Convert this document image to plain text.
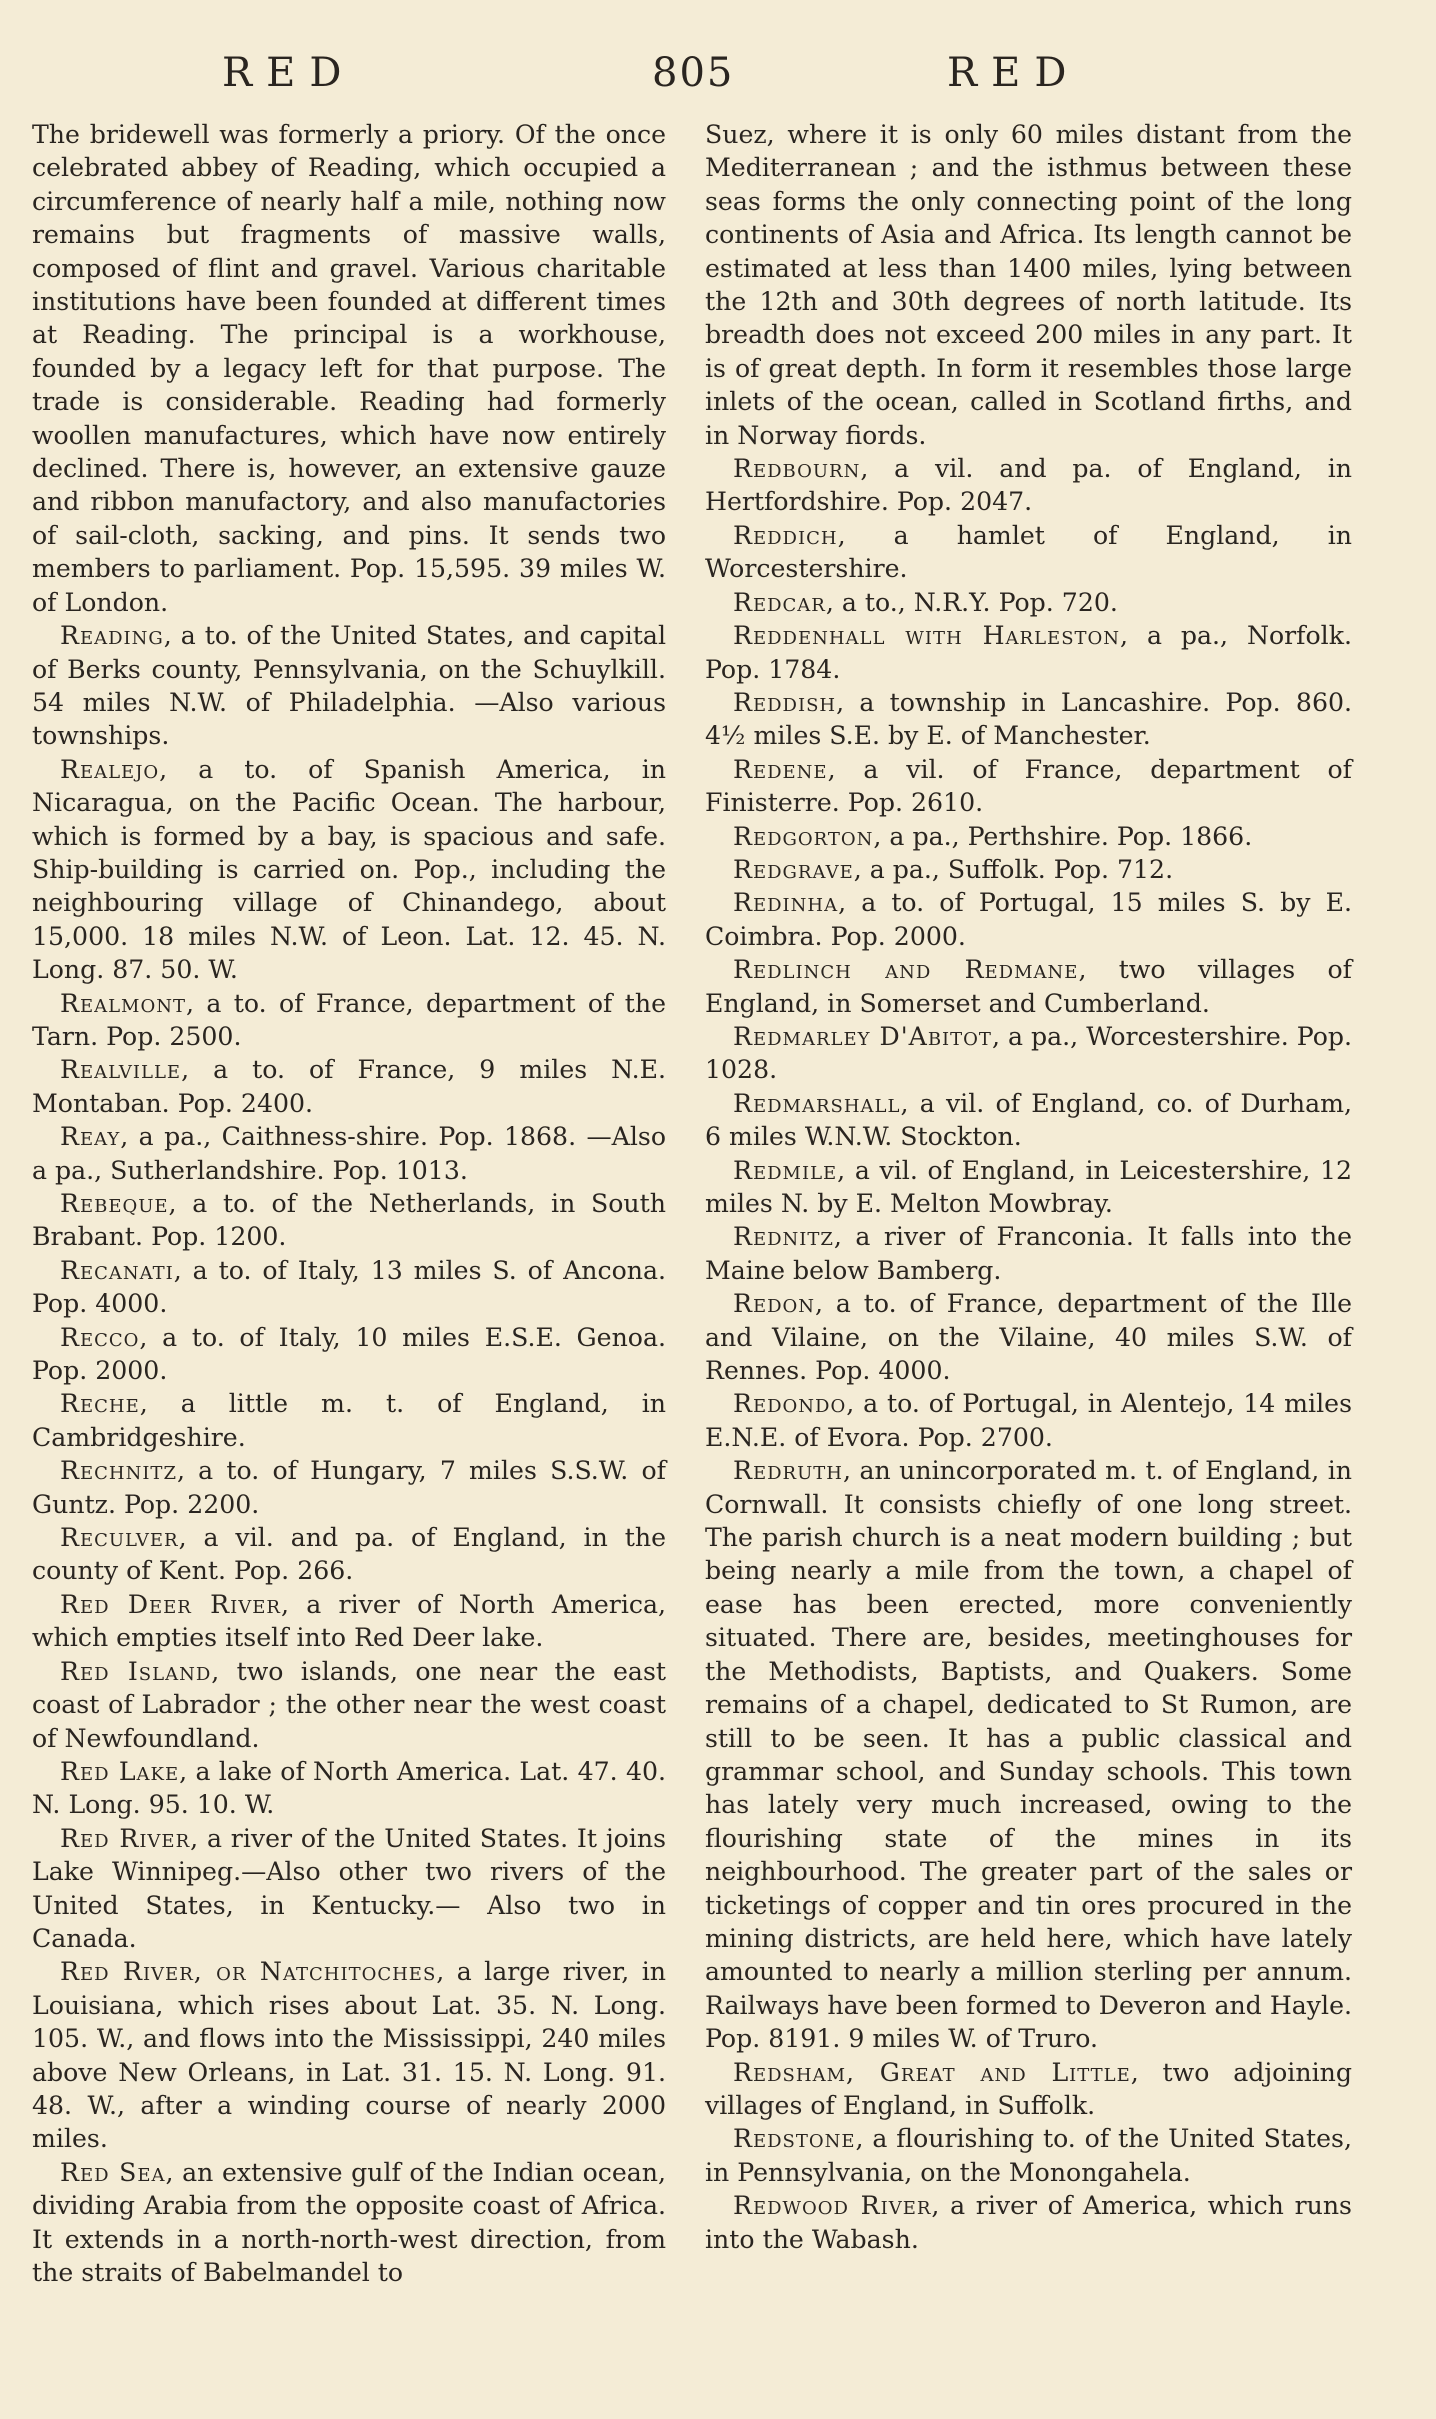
RED	805	RED

The bridewell was formerly a priory. Of the once celebrated abbey of Reading, which occupied a circumference of nearly half a mile, nothing now remains but fragments of massive walls, composed of flint and gravel. Various charitable institutions have been founded at different times at Reading. The principal is a workhouse, founded by a legacy left for that purpose. The trade is considerable. Reading had formerly woollen manufactures, which have now entirely declined. There is, however, an extensive gauze and ribbon manufactory, and also manufactories of sail-cloth, sacking, and pins. It sends two members to parliament. Pop. 15,595. 39 miles W. of London.

Reading, a to. of the United States, and capital of Berks county, Pennsylvania, on the Schuylkill. 54 miles N.W. of Philadelphia. —Also various townships.

Realejo, a to. of Spanish America, in Nicaragua, on the Pacific Ocean. The harbour, which is formed by a bay, is spacious and safe. Ship-building is carried on. Pop., including the neighbouring village of Chinandego, about 15,000. 18 miles N.W. of Leon. Lat. 12. 45. N. Long. 87. 50. W.

Realmont, a to. of France, department of the Tarn. Pop. 2500.

Realville, a to. of France, 9 miles N.E. Montaban. Pop. 2400.

Reay, a pa., Caithness-shire. Pop. 1868. —Also a pa., Sutherlandshire. Pop. 1013.

Rebeque, a to. of the Netherlands, in South Brabant. Pop. 1200.

Recanati, a to. of Italy, 13 miles S. of Ancona. Pop. 4000.

Recco, a to. of Italy, 10 miles E.S.E. Genoa. Pop. 2000.

Reche, a little m. t. of England, in Cambridgeshire.

Rechnitz, a to. of Hungary, 7 miles S.S.W. of Guntz. Pop. 2200.

Reculver, a vil. and pa. of England, in the county of Kent. Pop. 266.

Red Deer River, a river of North America, which empties itself into Red Deer lake.

Red Island, two islands, one near the east coast of Labrador ; the other near the west coast of Newfoundland.

Red Lake, a lake of North America. Lat. 47. 40. N. Long. 95. 10. W.

Red River, a river of the United States. It joins Lake Winnipeg.—Also other two rivers of the United States, in Kentucky.— Also two in Canada.

Red River, or Natchitoches, a large river, in Louisiana, which rises about Lat. 35. N. Long. 105. W., and flows into the Mississippi, 240 miles above New Orleans, in Lat. 31. 15. N. Long. 91. 48. W., after a winding course of nearly 2000 miles.

Red Sea, an extensive gulf of the Indian ocean, dividing Arabia from the opposite coast of Africa. It extends in a north-north-west direction, from the straits of Babelmandel to

Suez, where it is only 60 miles distant from the Mediterranean ; and the isthmus between these seas forms the only connecting point of the long continents of Asia and Africa. Its length cannot be estimated at less than 1400 miles, lying between the 12th and 30th degrees of north latitude. Its breadth does not exceed 200 miles in any part. It is of great depth. In form it resembles those large inlets of the ocean, called in Scotland firths, and in Norway fiords.

Redbourn, a vil. and pa. of England, in Hertfordshire. Pop. 2047.

Reddich, a hamlet of England, in Worcestershire.

Redcar, a to., N.R.Y. Pop. 720.

Reddenhall with Harleston, a pa., Norfolk. Pop. 1784.

Reddish, a township in Lancashire. Pop. 860. 4½ miles S.E. by E. of Manchester.

Redene, a vil. of France, department of Finisterre. Pop. 2610.

Redgorton, a pa., Perthshire. Pop. 1866.

Redgrave, a pa., Suffolk. Pop. 712.

Redinha, a to. of Portugal, 15 miles S. by E. Coimbra. Pop. 2000.

Redlinch and Redmane, two villages of England, in Somerset and Cumberland.

Redmarley D'Abitot, a pa., Worcestershire. Pop. 1028.

Redmarshall, a vil. of England, co. of Durham, 6 miles W.N.W. Stockton.

Redmile, a vil. of England, in Leicestershire, 12 miles N. by E. Melton Mowbray.

Rednitz, a river of Franconia. It falls into the Maine below Bamberg.

Redon, a to. of France, department of the Ille and Vilaine, on the Vilaine, 40 miles S.W. of Rennes. Pop. 4000.

Redondo, a to. of Portugal, in Alentejo, 14 miles E.N.E. of Evora. Pop. 2700.

Redruth, an unincorporated m. t. of England, in Cornwall. It consists chiefly of one long street. The parish church is a neat modern building ; but being nearly a mile from the town, a chapel of ease has been erected, more conveniently situated. There are, besides, meetinghouses for the Methodists, Baptists, and Quakers. Some remains of a chapel, dedicated to St Rumon, are still to be seen. It has a public classical and grammar school, and Sunday schools. This town has lately very much increased, owing to the flourishing state of the mines in its neighbourhood. The greater part of the sales or ticketings of copper and tin ores procured in the mining districts, are held here, which have lately amounted to nearly a million sterling per annum. Railways have been formed to Deveron and Hayle. Pop. 8191. 9 miles W. of Truro.

Redsham, Great and Little, two adjoining villages of England, in Suffolk.

Redstone, a flourishing to. of the United States, in Pennsylvania, on the Monongahela.

Redwood River, a river of America, which runs into the Wabash.
